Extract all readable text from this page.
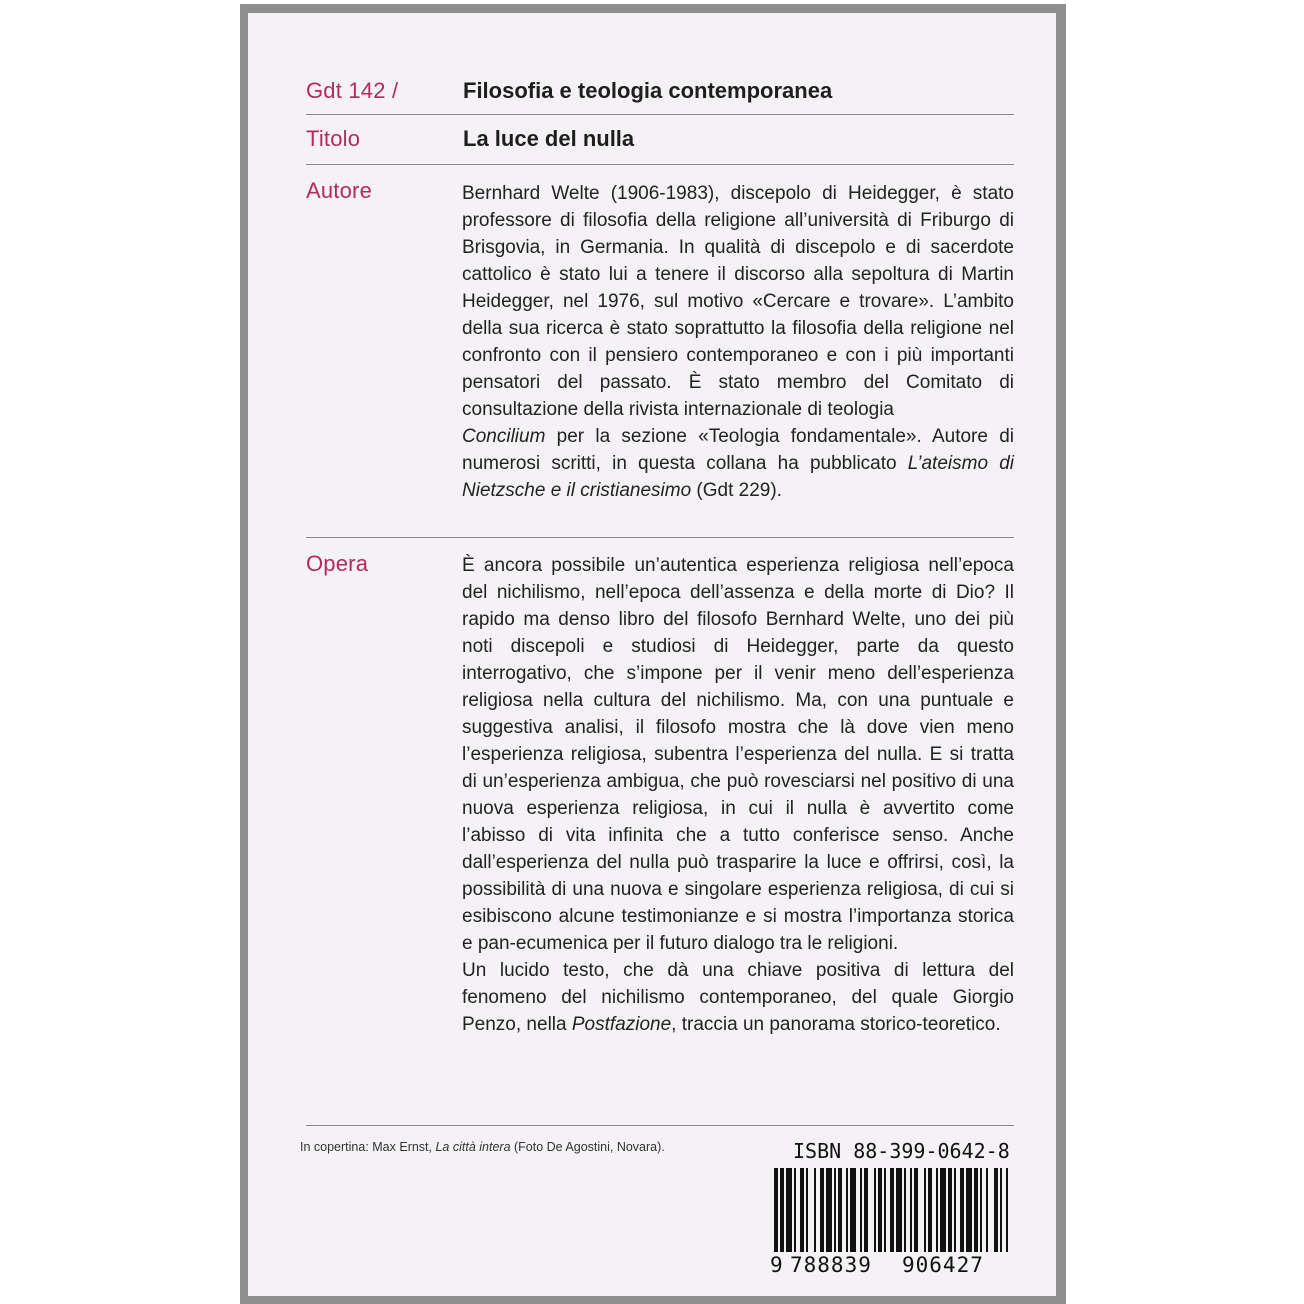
Gdt 142 /	Filosofia e teologia contemporanea
Titolo	La luce del nulla
Autore	Bernhard Welte (1906-1983), discepolo di Heidegger, è stato professore di filosofia della religione all’università di Friburgo di Brisgovia, in Germania. In qualità di discepolo e di sacerdote cattolico è stato lui a tenere il discorso alla sepoltura di Martin Heidegger, nel 1976, sul motivo «Cercare e trovare». L’ambito della sua ricerca è stato soprattutto la filosofia della religione nel confronto con il pensiero contemporaneo e con i più importanti pensatori del passato. È stato membro del Comitato di consultazione della rivista internazionale di teologia
Concilium per la sezione «Teologia fondamentale». Autore di numerosi scritti, in questa collana ha pubblicato L’ateismo di Nietzsche e il cristianesimo (Gdt 229).

Opera	È ancora possibile un’autentica esperienza religiosa nell’epoca del nichilismo, nell’epoca dell’assenza e della morte di Dio? Il rapido ma denso libro del filosofo Bernhard Welte, uno dei più noti discepoli e studiosi di Heidegger, parte da questo interrogativo, che s’impone per il venir meno dell’esperienza religiosa nella cultura del nichilismo. Ma, con una puntuale e suggestiva analisi, il filosofo mostra che là dove vien meno l’esperienza religiosa, subentra l’esperienza del nulla. E si tratta di un’esperienza ambigua, che può rovesciarsi nel positivo di una nuova esperienza religiosa, in cui il nulla è avvertito come l’abisso di vita infinita che a tutto conferisce senso. Anche dall’esperienza del nulla può trasparire la luce e offrirsi, così, la possibilità di una nuova e singolare esperienza religiosa, di cui si esibiscono alcune testimonianze e si mostra l’importanza storica e pan-ecumenica per il futuro dialogo tra le religioni.

Un lucido testo, che dà una chiave positiva di lettura del fenomeno del nichilismo contemporaneo, del quale Giorgio Penzo, nella Postfazione, traccia un panorama storico-teoretico.

In copertina: Max Ernst, La città intera (Foto De Agostini, Novara).	ISBN 88-399-0642-8
9 788839 906427
